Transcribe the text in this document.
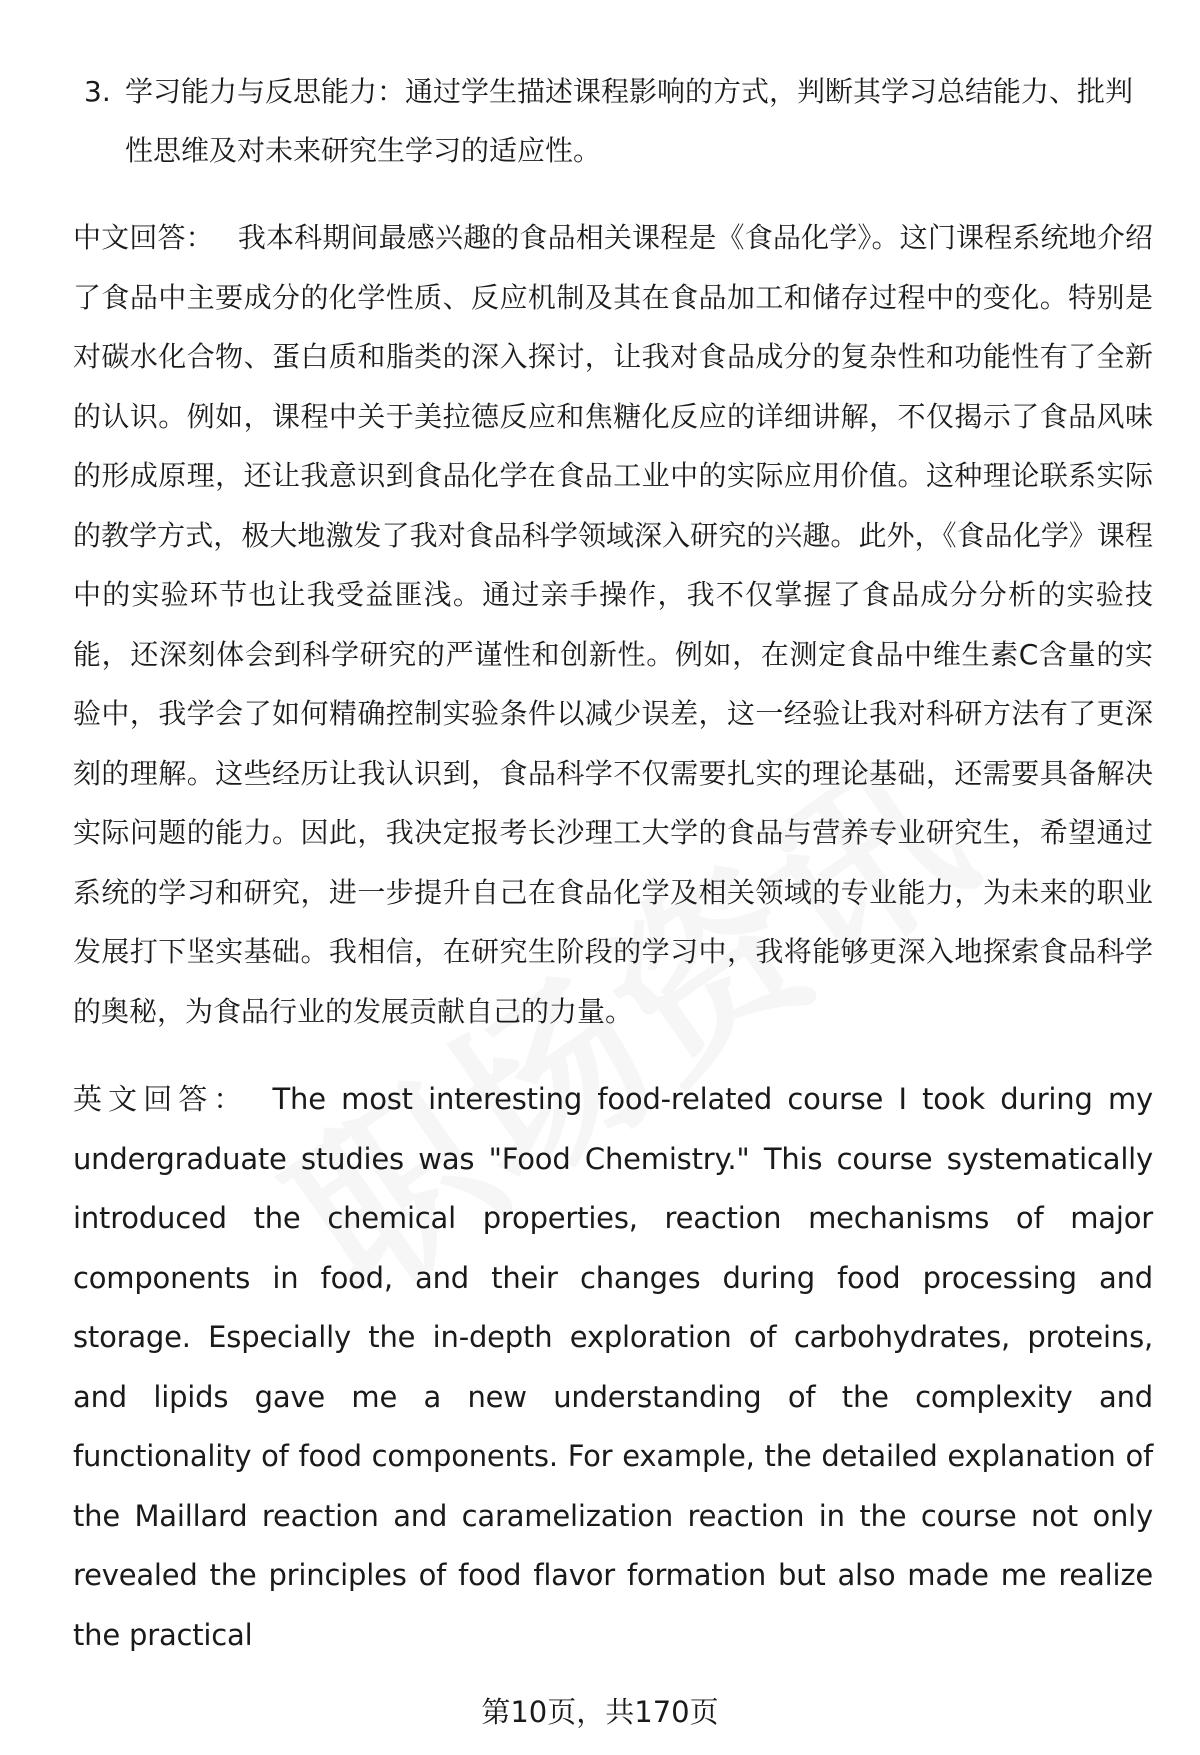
3. 学习能力与反思能力：通过学生描述课程影响的方式，判断其学习总结能力、批判性思维及对未来研究生学习的适应性。

中文回答： 我本科期间最感兴趣的食品相关课程是《食品化学》。这门课程系统地介绍了食品中主要成分的化学性质、反应机制及其在食品加工和储存过程中的变化。特别是对碳水化合物、蛋白质和脂类的深入探讨，让我对食品成分的复杂性和功能性有了全新的认识。例如，课程中关于美拉德反应和焦糖化反应的详细讲解，不仅揭示了食品风味的形成原理，还让我意识到食品化学在食品工业中的实际应用价值。这种理论联系实际的教学方式，极大地激发了我对食品科学领域深入研究的兴趣。此外，《食品化学》课程中的实验环节也让我受益匪浅。通过亲手操作，我不仅掌握了食品成分分析的实验技能，还深刻体会到科学研究的严谨性和创新性。例如，在测定食品中维生素C含量的实验中，我学会了如何精确控制实验条件以减少误差，这一经验让我对科研方法有了更深刻的理解。这些经历让我认识到，食品科学不仅需要扎实的理论基础，还需要具备解决实际问题的能力。因此，我决定报考长沙理工大学的食品与营养专业研究生，希望通过系统的学习和研究，进一步提升自己在食品化学及相关领域的专业能力，为未来的职业发展打下坚实基础。我相信，在研究生阶段的学习中，我将能够更深入地探索食品科学的奥秘，为食品行业的发展贡献自己的力量。

英文回答： The most interesting food-related course I took during my undergraduate studies was "Food Chemistry." This course systematically introduced the chemical properties, reaction mechanisms of major components in food, and their changes during food processing and storage. Especially the in-depth exploration of carbohydrates, proteins, and lipids gave me a new understanding of the complexity and functionality of food components. For example, the detailed explanation of the Maillard reaction and caramelization reaction in the course not only revealed the principles of food flavor formation but also made me realize the practical

第10页，共170页
